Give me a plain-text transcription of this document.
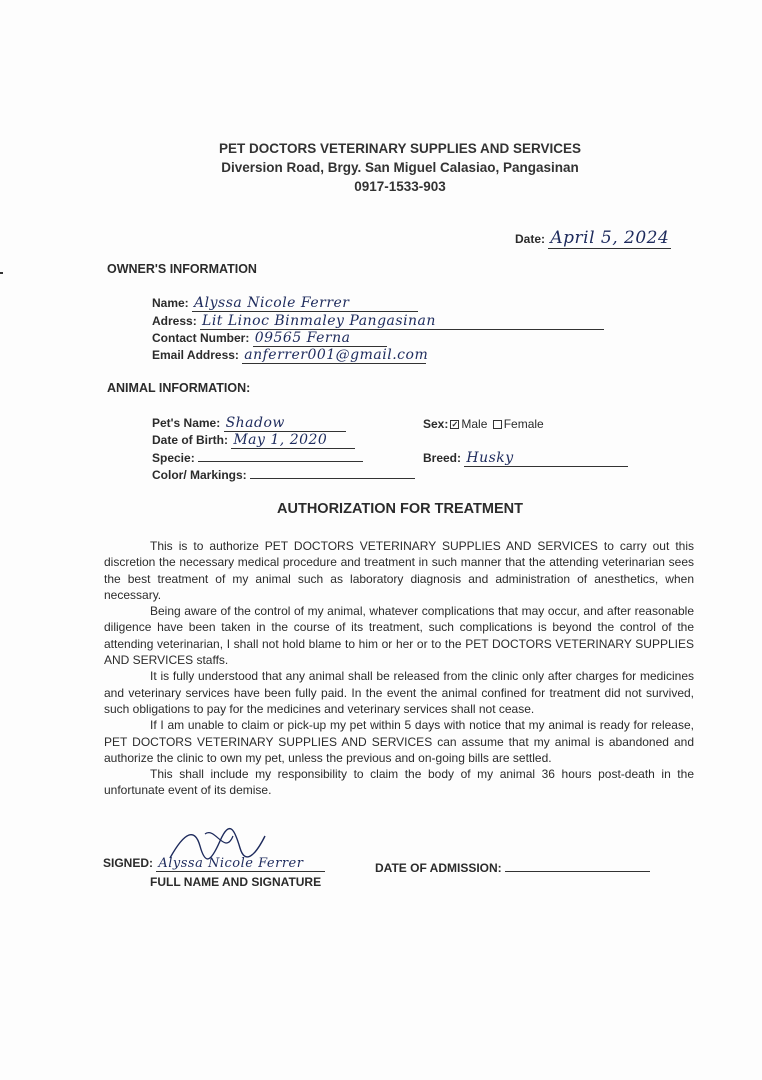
PET DOCTORS VETERINARY SUPPLIES AND SERVICES
Diversion Road, Brgy. San Miguel Calasiao, Pangasinan
0917-1533-903
Date: April 5, 2024
OWNER'S INFORMATION
Name: Alyssa Nicole Ferrer
Adress: Lit Linoc Binmaley Pangasinan
Contact Number: 09565 Ferna
Email Address: anferrer001@gmail.com
ANIMAL INFORMATION:
Pet's Name: Shadow
Date of Birth: May 1, 2020
Specie:
Color/ Markings:
Sex: ✓ Male Female
Breed: Husky
AUTHORIZATION FOR TREATMENT

This is to authorize PET DOCTORS VETERINARY SUPPLIES AND SERVICES to carry out this discretion the necessary medical procedure and treatment in such manner that the attending veterinarian sees the best treatment of my animal such as laboratory diagnosis and administration of anesthetics, when necessary.

Being aware of the control of my animal, whatever complications that may occur, and after reasonable diligence have been taken in the course of its treatment, such complications is beyond the control of the attending veterinarian, I shall not hold blame to him or her or to the PET DOCTORS VETERINARY SUPPLIES AND SERVICES staffs.

It is fully understood that any animal shall be released from the clinic only after charges for medicines and veterinary services have been fully paid. In the event the animal confined for treatment did not survived, such obligations to pay for the medicines and veterinary services shall not cease.

If I am unable to claim or pick-up my pet within 5 days with notice that my animal is ready for release, PET DOCTORS VETERINARY SUPPLIES AND SERVICES can assume that my animal is abandoned and authorize the clinic to own my pet, unless the previous and on-going bills are settled.

This shall include my responsibility to claim the body of my animal 36 hours post-death in the unfortunate event of its demise.

SIGNED: Alyssa Nicole Ferrer
FULL NAME AND SIGNATURE
DATE OF ADMISSION:
